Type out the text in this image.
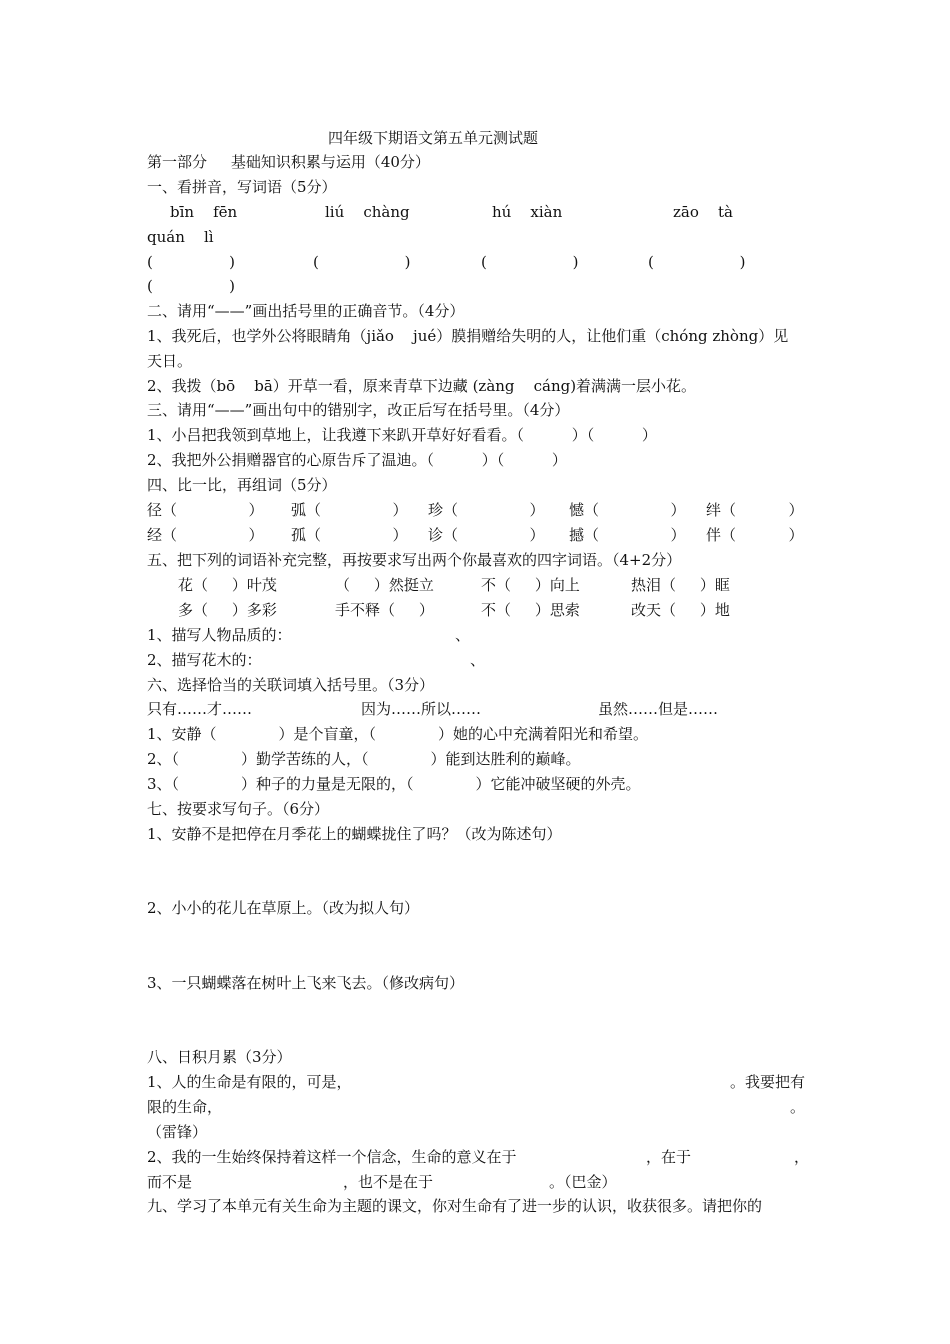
四年级下期语文第五单元测试题
第一部分     基础知识积累与运用（40分）
一、看拼音，写词语（5分）
bīn    fēn	liú    chàng	hú    xiàn	zāo    tà
quán    lì
(                )	(                  )	(                  )	(                  )
(                )
二、请用“——”画出括号里的正确音节。（4分）
1、我死后，也学外公将眼睛角（jiǎo    jué）膜捐赠给失明的人，让他们重（chóng zhòng）见
天日。
2、我拨（bō    bā）开草一看，原来青草下边藏 (zàng    cáng)着满满一层小花。
三、请用“——”画出句中的错别字，改正后写在括号里。（4分）
1、小吕把我领到草地上，让我遵下来趴开草好好看看。（          ）（          ）
2、我把外公捐赠器官的心原告斥了温迪。（          ）（          ）
四、比一比，再组词（5分）
径（               ） 弧（               ） 珍（               ） 憾（               ） 绊（           ）
经（               ） 孤（               ） 诊（               ） 撼（               ） 伴（           ）
五、把下列的词语补充完整，再按要求写出两个你最喜欢的四字词语。（4+2分）
花（     ）叶茂	（     ）然挺立	不（     ）向上	热泪（     ）眶
多（     ）多彩	手不释（     ）	不（     ）思索	改天（     ）地
1、描写人物品质的：	、
2、描写花木的：	、
六、选择恰当的关联词填入括号里。（3分）
只有……才……	因为……所以……	虽然……但是……
1、安静（             ）是个盲童，（             ）她的心中充满着阳光和希望。
2、（             ）勤学苦练的人，（             ）能到达胜利的巅峰。
3、（             ）种子的力量是无限的，（             ）它能冲破坚硬的外壳。
七、按要求写句子。（6分）
1、安静不是把停在月季花上的蝴蝶拢住了吗？（改为陈述句）
2、小小的花儿在草原上。（改为拟人句）
3、一只蝴蝶落在树叶上飞来飞去。（修改病句）
八、日积月累（3分）
1、人的生命是有限的，可是，	。我要把有
限的生命，	。
（雷锋）
2、我的一生始终保持着这样一个信念，生命的意义在于	，在于	，
而不是	，也不是在于	。（巴金）
九、学习了本单元有关生命为主题的课文，你对生命有了进一步的认识，收获很多。请把你的
